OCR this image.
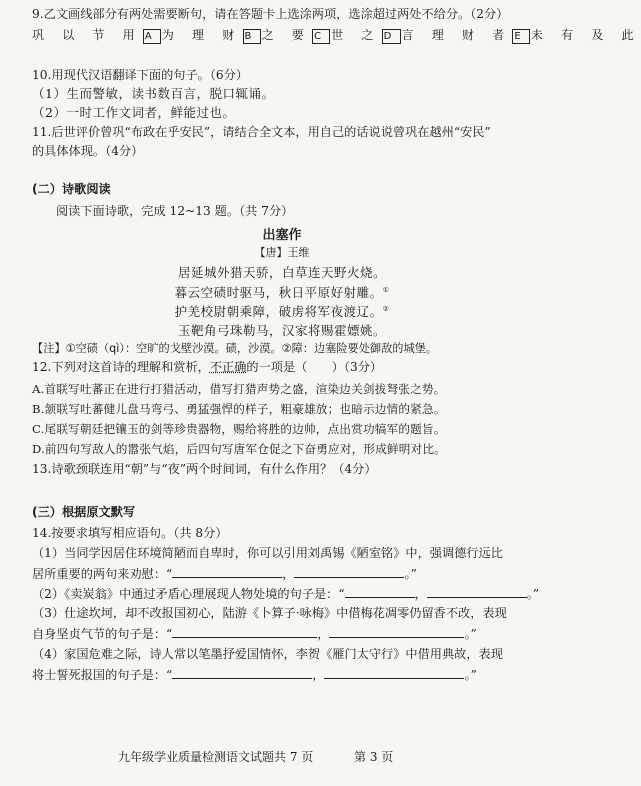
9.乙文画线部分有两处需要断句，请在答题卡上选涂两项，选涂超过两处不给分。（2分）
巩 以 节 用 A 为 理 财 B 之 要 C 世 之 D 言 理 财 者 E 未 有 及 此
10.用现代汉语翻译下面的句子。（6分）
（1）生而警敏，读书数百言，脱口辄诵。
（2）一时工作文词者，鲜能过也。
11.后世评价曾巩“布政在乎安民”，请结合全文本，用自己的话说说曾巩在越州“安民”
的具体体现。（4分）
(二）诗歌阅读
阅读下面诗歌，完成 12~13 题。（共 7分）
出塞作
【唐】王维
居延城外猎天骄，白草连天野火烧。
暮云空碛时驱马，秋日平原好射雕。①
护羌校尉朝乘障，破虏将军夜渡辽。②
玉靶角弓珠勒马，汉家将赐霍嫖姚。
【注】①空碛（qì）：空旷的戈壁沙漠。碛，沙漠。②障：边塞险要处御敌的城堡。
12.下列对这首诗的理解和赏析，不正确的一项是（　　）（3分）
A.首联写吐蕃正在进行打猎活动，借写打猎声势之盛，渲染边关剑拔弩张之势。
B.颔联写吐蕃健儿盘马弯弓、勇猛强悍的样子，粗豪雄放；也暗示边情的紧急。
C.尾联写朝廷把镶玉的剑等珍贵器物，赐给将胜的边帅，点出赏功犒军的题旨。
D.前四句写敌人的嚣张气焰，后四句写唐军仓促之下奋勇应对，形成鲜明对比。
13.诗歌颈联连用“朝”与“夜”两个时间词，有什么作用？（4分）
(三）根据原文默写
14.按要求填写相应语句。（共 8分）
（1）当同学因居住环境简陋而自卑时，你可以引用刘禹锡《陋室铭》中，强调德行远比
居所重要的两句来劝慰：“	，	。”
（2）《卖炭翁》中通过矛盾心理展现人物处境的句子是：“	，	。”
（3）仕途坎坷，却不改报国初心，陆游《卜算子·咏梅》中借梅花凋零仍留香不改，表现
自身坚贞气节的句子是：“	，	。”
（4）家国危难之际，诗人常以笔墨抒爱国情怀，李贺《雁门太守行》中借用典故，表现
将士誓死报国的句子是：“	，	。”
九年级学业质量检测语文试题共 7 页	第 3 页
